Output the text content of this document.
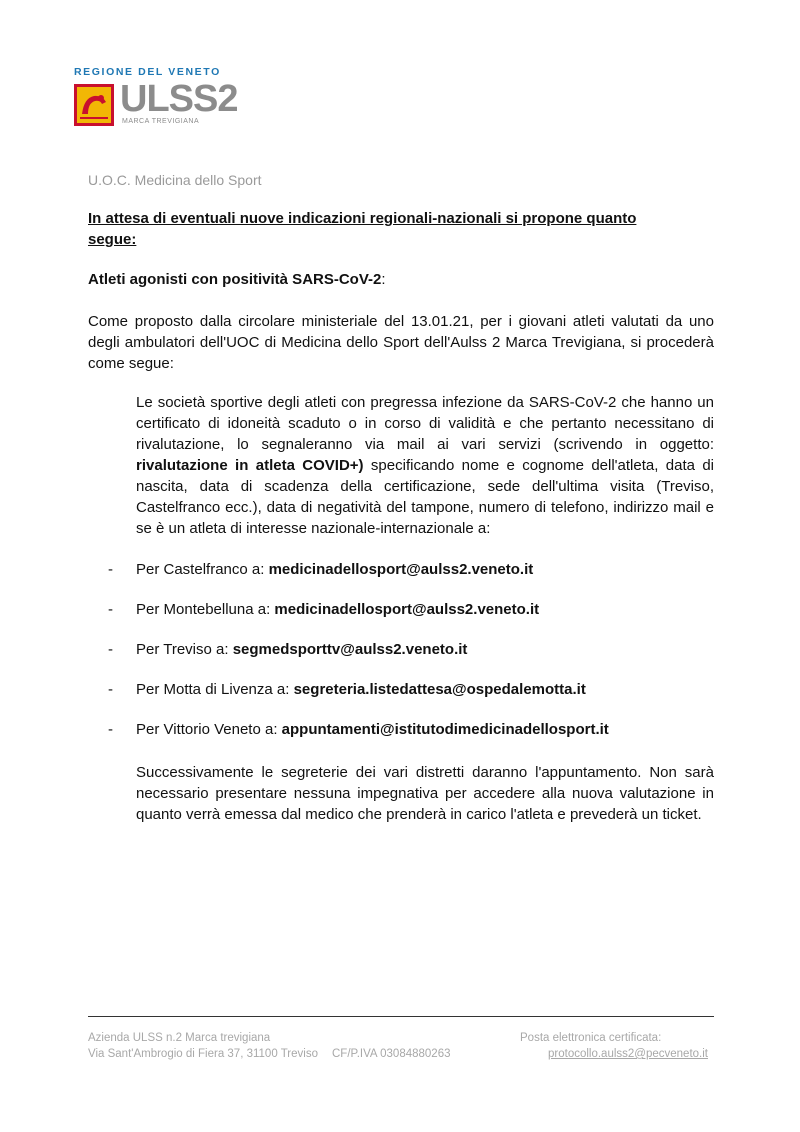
REGIONE DEL VENETO
ULSS2
MARCA TREVIGIANA
U.O.C. Medicina dello Sport
In attesa di eventuali nuove indicazioni regionali-nazionali si propone quanto segue:
Atleti agonisti con positività SARS-CoV-2:
Come proposto dalla circolare ministeriale del 13.01.21, per i giovani atleti valutati da uno degli ambulatori dell'UOC di Medicina dello Sport dell'Aulss 2 Marca Trevigiana, si procederà come segue:
Le società sportive degli atleti con pregressa infezione da SARS-CoV-2 che hanno un certificato di idoneità scaduto o in corso di validità e che pertanto necessitano di rivalutazione, lo segnaleranno via mail ai vari servizi (scrivendo in oggetto: rivalutazione in atleta COVID+) specificando nome e cognome dell'atleta, data di nascita, data di scadenza della certificazione, sede dell'ultima visita (Treviso, Castelfranco ecc.), data di negatività del tampone, numero di telefono, indirizzo mail e se è un atleta di interesse nazionale-internazionale a:
-	Per Castelfranco a: medicinadellosport@aulss2.veneto.it
-	Per Montebelluna a: medicinadellosport@aulss2.veneto.it
-	Per Treviso a: segmedsporttv@aulss2.veneto.it
-	Per Motta di Livenza a: segreteria.listedattesa@ospedalemotta.it
-	Per Vittorio Veneto a: appuntamenti@istitutodimedicinadellosport.it
Successivamente le segreterie dei vari distretti daranno l'appuntamento. Non sarà necessario presentare nessuna impegnativa per accedere alla nuova valutazione in quanto verrà emessa dal medico che prenderà in carico l'atleta e prevederà un ticket.
Azienda ULSS n.2 Marca trevigiana
Via Sant'Ambrogio di Fiera 37, 31100 Treviso CF/P.IVA 03084880263
Posta elettronica certificata:
protocollo.aulss2@pecveneto.it
